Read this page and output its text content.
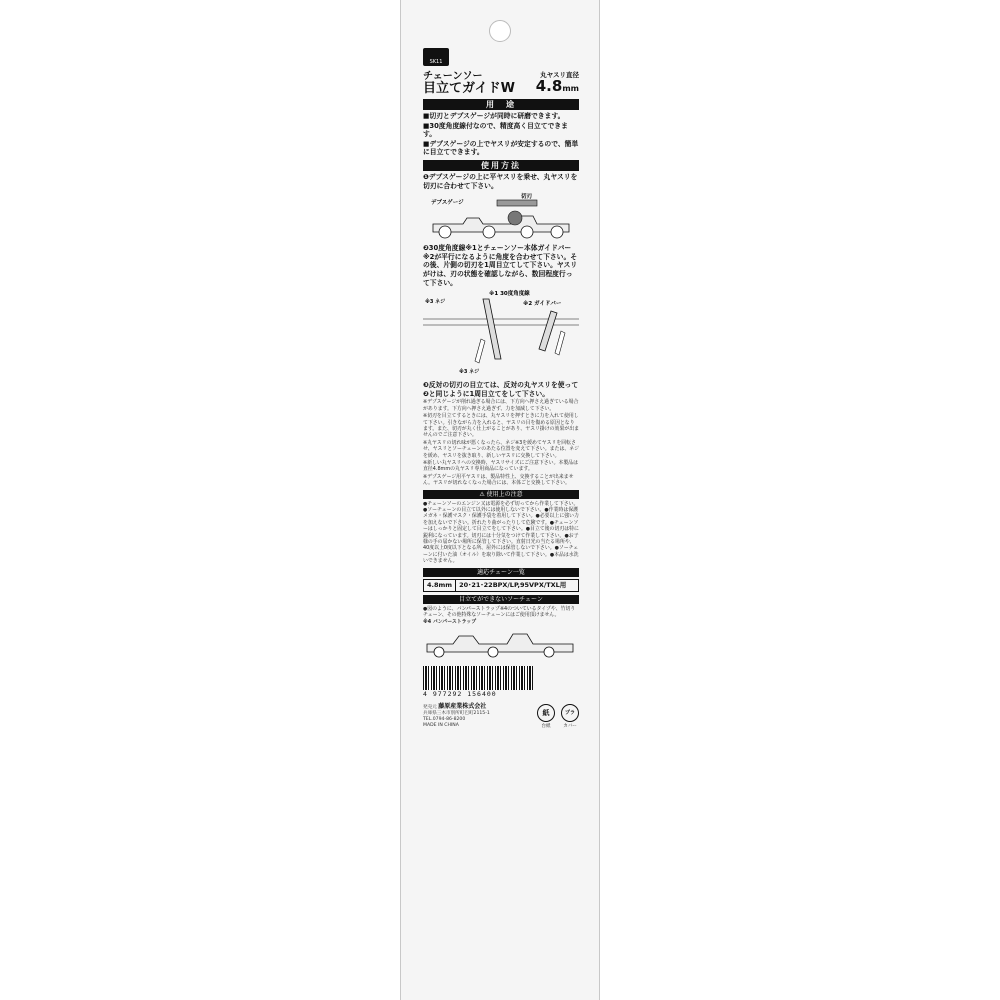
SK11
チェーンソー
目立てガイドW
丸ヤスリ直径
4.8mm
用　途
■切刃とデプスゲージが同時に研磨できます。
■30度角度線付なので、精度高く目立てできます。
■デプスゲージの上でヤスリが安定するので、簡単に目立てできます。
使用方法
❶デプスゲージの上に平ヤスリを乗せ、丸ヤスリを切刃に合わせて下さい。
デプスゲージ
切刃
❷30度角度線※1とチェーンソー本体ガイドバー※2が平行になるように角度を合わせて下さい。その後、片側の切刃を1周目立てして下さい。ヤスリがけは、刃の状態を確認しながら、数回程度行って下さい。
※1 30度角度線
※3 ネジ	※2 ガイドバー
※3 ネジ
❸反対の切刃の目立ては、反対の丸ヤスリを使って❷と同じように1周目立てをして下さい。
※デプスゲージが削れ過ぎる場合には、下方向へ押さえ過ぎている場合があります。下方向へ押さえ過ぎず、力を加減して下さい。
※切刃を目立てするときには、丸ヤスリを押すときに力を入れて使用して下さい。引きながら力を入れると、ヤスリの目を傷める原因となります。また、切刃が丸く仕上がることがあり、ヤスリ掛けの効果が出ませんのでご注意下さい。
※丸ヤスリの切れ味が悪くなったら、ネジ※3を緩めてヤスリを回転させ、ヤスリとソーチェーンのあたる位置を変えて下さい。または、ネジを緩め、ヤスリを抜き取り、新しいヤスリに交換して下さい。
※新しい丸ヤスリへの交換時、ヤスリサイズにご注意下さい。本製品は直径4.8mmの丸ヤスリ専用商品になっています。
※デプスゲージ用平ヤスリは、製品特性上、交換することが出来ません。ヤスリが切れなくなった場合には、本体ごと交換して下さい。
⚠ 使用上の注意
●チェーンソーのエンジン又は電源を必ず切ってから作業して下さい。●ソーチェーンの目立て以外には使用しないで下さい。●作業時は保護メガネ・保護マスク・保護手袋を着用して下さい。●必要以上に強い力を加えないで下さい。折れたり曲がったりして危険です。●チェーンソーはしっかりと固定して目立てをして下さい。●目立て後の切刃は特に鋭利になっています。切刃には十分気をつけて作業して下さい。●お子様の手の届かない場所に保管して下さい。直射日光の当たる場所や、40度以上0度以下となる所、屋外には保管しないで下さい。●ソーチェーンに付いた油（オイル）を取り除いて作業して下さい。●本品は水洗いできません。
適応チェーン一覧
4.8mm	20･21･22BPX/LP,95VPX/TXL用
目立てができないソーチェーン
●図のように、バンパーストラップ※4のついているタイプや、竹切りチェーン、その他特殊なソーチェーンにはご使用頂けません。
※4 バンパーストラップ
4 977292 156400
発売元 藤原産業株式会社
兵庫県三木市別所町巴町2115-1
TEL.0794-86-8200
MADE IN CHINA
紙
台紙
プラ
カバー
